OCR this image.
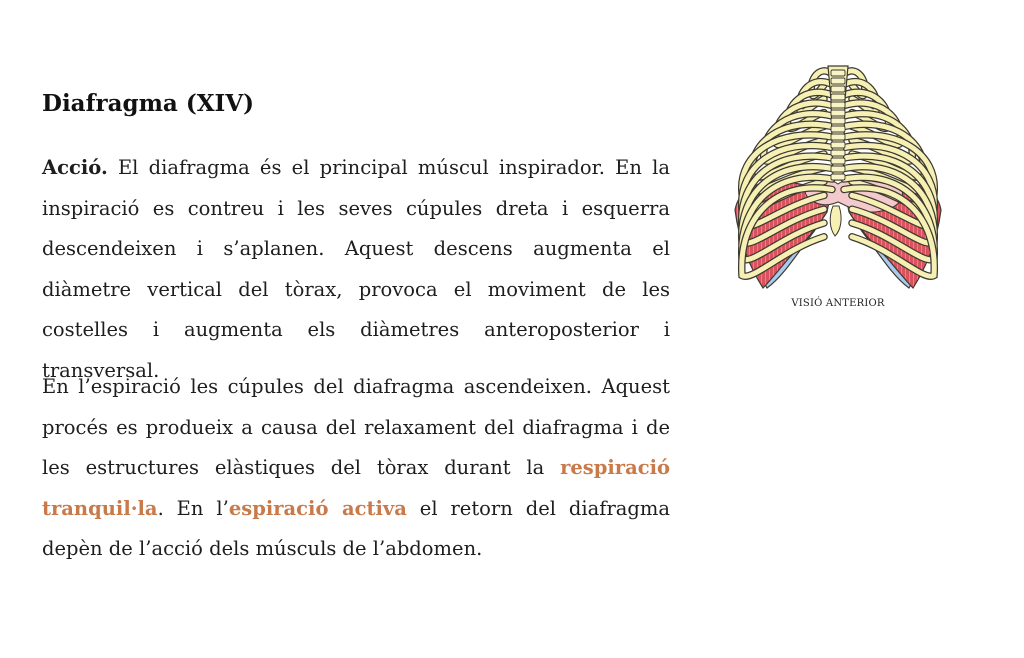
Diafragma (XIV)

Acció. El diafragma és el principal múscul inspirador. En la inspiració es contreu i les seves cúpules dreta i esquerra descendeixen i s’aplanen. Aquest descens augmenta el diàmetre vertical del tòrax, provoca el moviment de les costelles i augmenta els diàmetres anteroposterior i transversal.

En l’espiració les cúpules del diafragma ascendeixen. Aquest procés es produeix a causa del relaxament del diafragma i de les estructures elàstiques del tòrax durant la respiració tranquil·la. En l’espiració activa el retorn del diafragma depèn de l’acció dels músculs de l’abdomen.

VISIÓ ANTERIOR
